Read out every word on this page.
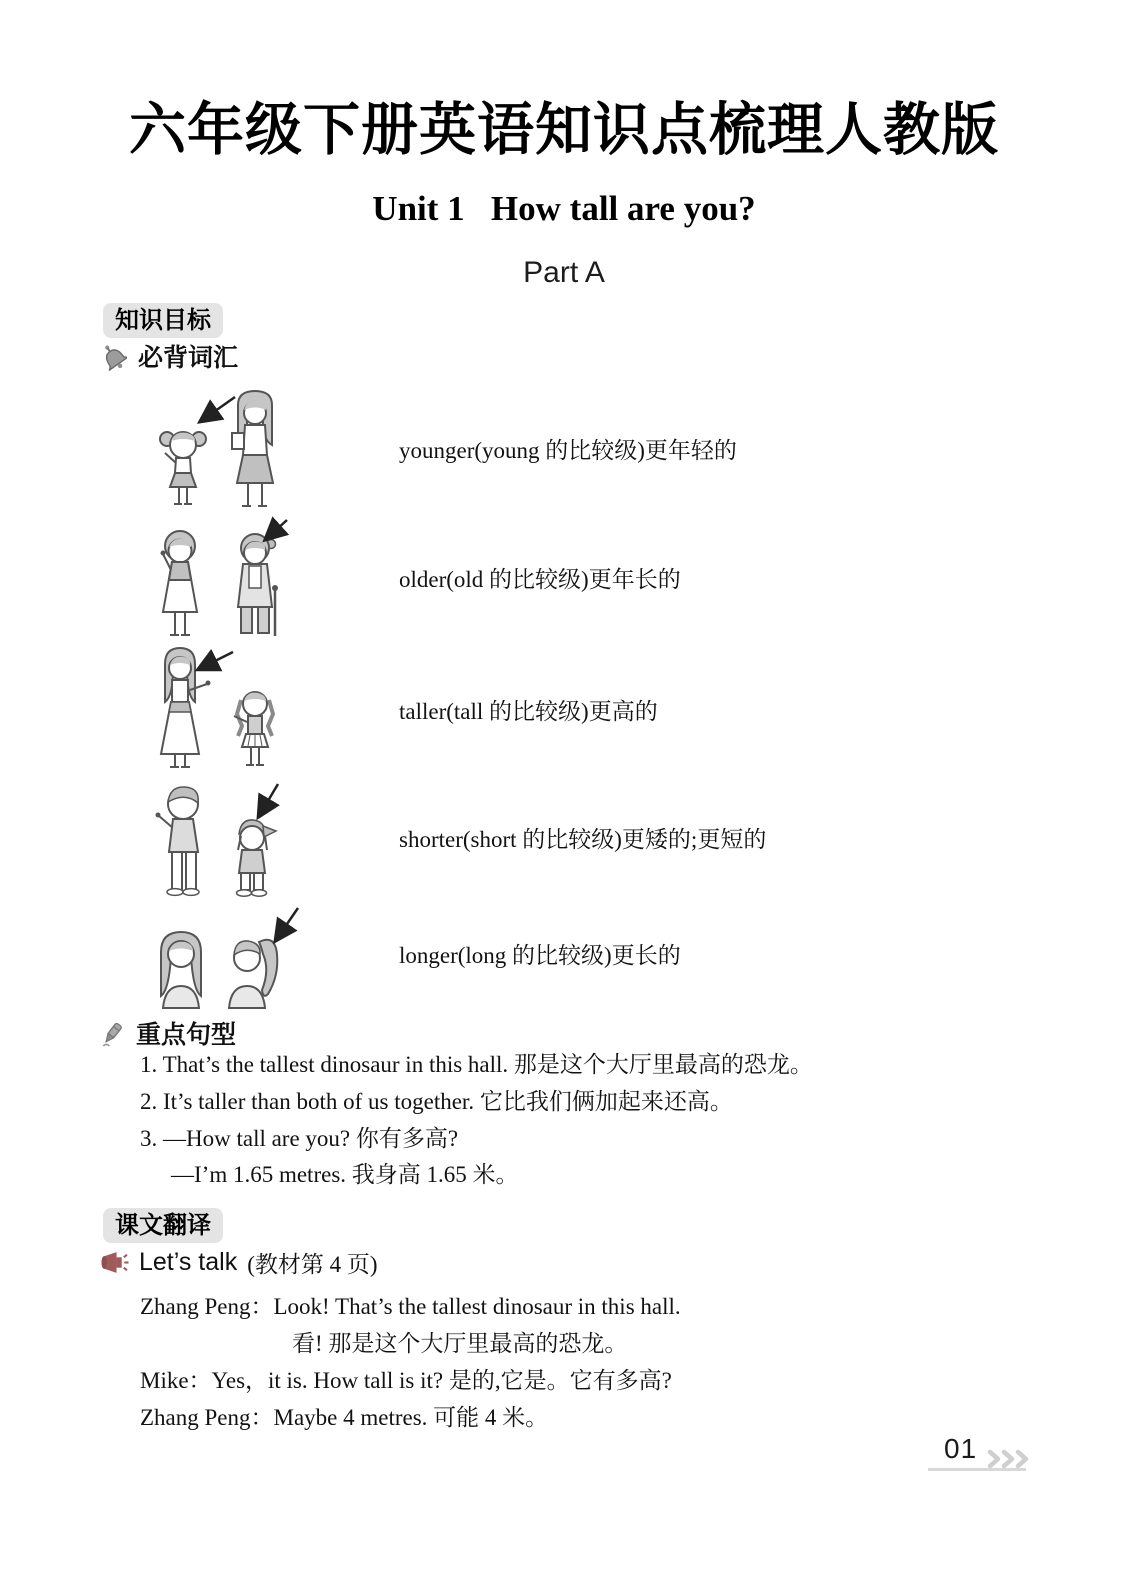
六年级下册英语知识点梳理人教版
Unit 1   How tall are you?
Part A
知识目标
必背词汇
younger(young 的比较级)更年轻的
older(old 的比较级)更年长的
taller(tall 的比较级)更高的
shorter(short 的比较级)更矮的;更短的
longer(long 的比较级)更长的
重点句型
1. That’s the tallest dinosaur in this hall. 那是这个大厅里最高的恐龙。
2. It’s taller than both of us together. 它比我们俩加起来还高。
3. —How tall are you? 你有多高?
—I’m 1.65 metres. 我身高 1.65 米。
课文翻译
Let’s talk (教材第 4 页)
Zhang Peng：Look! That’s the tallest dinosaur in this hall.
看! 那是这个大厅里最高的恐龙。
Mike：Yes，it is. How tall is it? 是的,它是。它有多高?
Zhang Peng：Maybe 4 metres. 可能 4 米。
01
